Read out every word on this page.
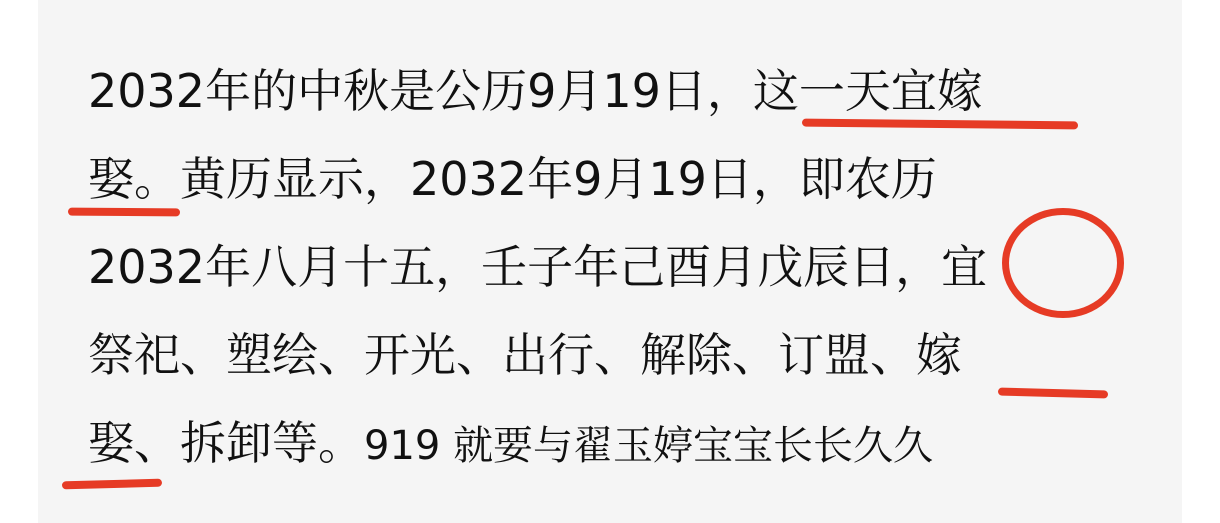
2032年的中秋是公历9月19日，这一天宜嫁
娶。黄历显示，2032年9月19日，即农历
2032年八月十五，壬子年己酉月戊辰日，宜
祭祀、塑绘、开光、出行、解除、订盟、嫁
娶、拆卸等。919 就要与翟玉婷宝宝长长久久
